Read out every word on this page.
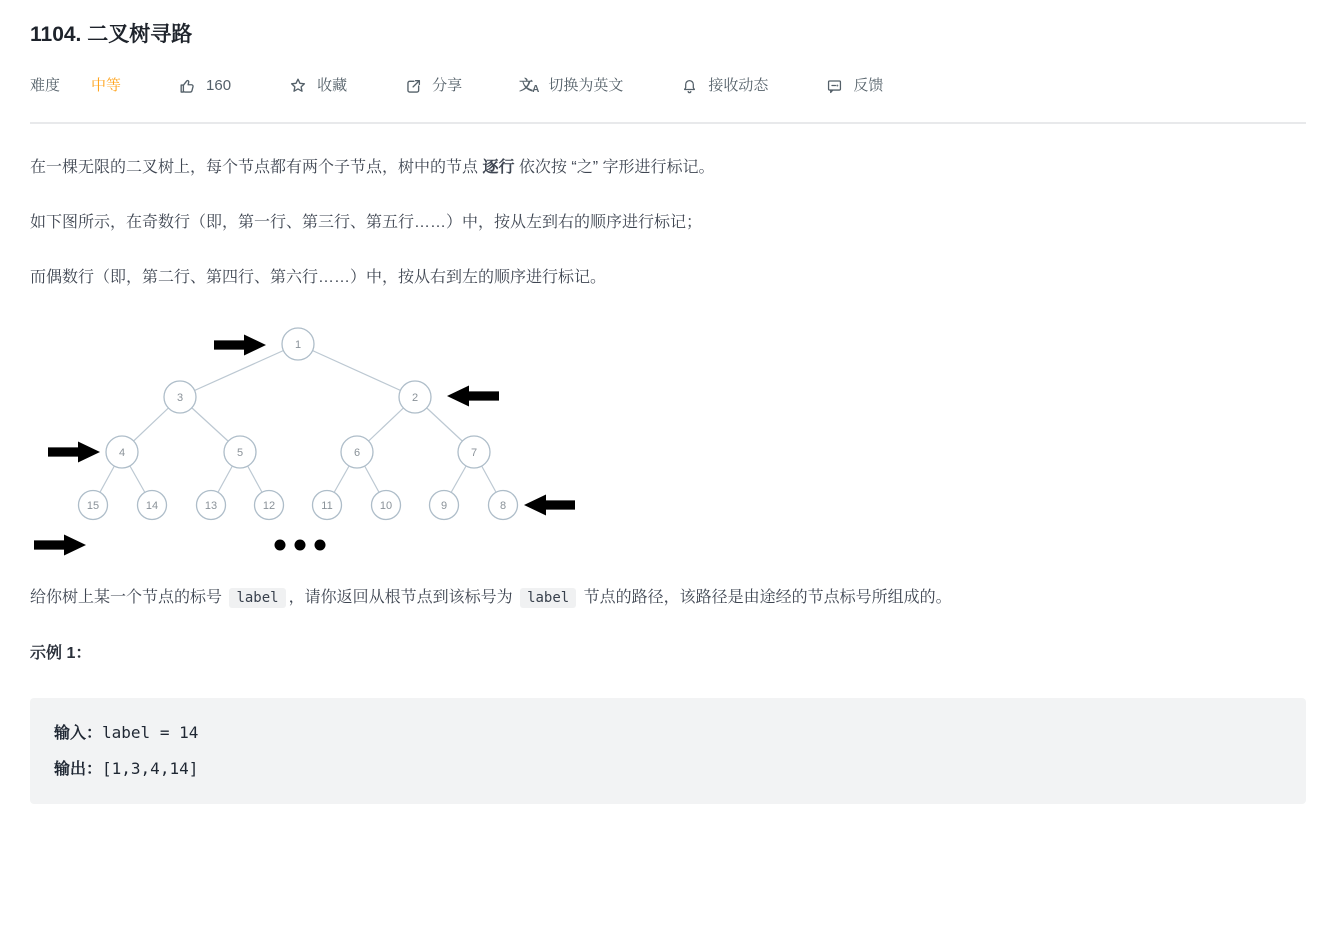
1104. 二叉树寻路
难度 中等	160	收藏	分享	文 A 切换为英文	接收动态	反馈

在一棵无限的二叉树上，每个节点都有两个子节点，树中的节点 逐行 依次按 “之” 字形进行标记。

如下图所示，在奇数行（即，第一行、第三行、第五行……）中，按从左到右的顺序进行标记；

而偶数行（即，第二行、第四行、第六行……）中，按从右到左的顺序进行标记。

1
3	2
4	5	6	7
15	14	13	12	11	10	9	8

给你树上某一个节点的标号 label ，请你返回从根节点到该标号为 label 节点的路径，该路径是由途经的节点标号所组成的。

示例 1：

输入：label = 14
输出：[1,3,4,14]
